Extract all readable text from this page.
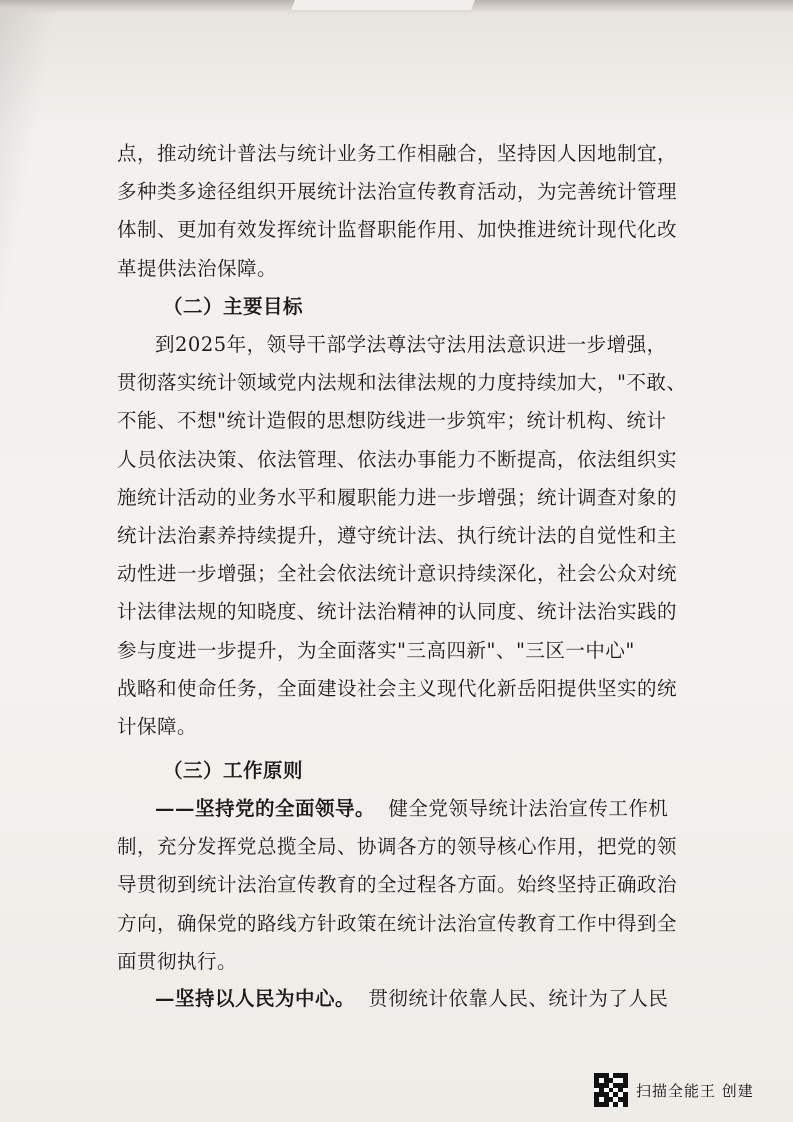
点，推动统计普法与统计业务工作相融合，坚持因人因地制宜，
多种类多途径组织开展统计法治宣传教育活动，为完善统计管理
体制、更加有效发挥统计监督职能作用、加快推进统计现代化改
革提供法治保障。
（二）主要目标
到2025年，领导干部学法尊法守法用法意识进一步增强，
贯彻落实统计领域党内法规和法律法规的力度持续加大，"不敢、
不能、不想"统计造假的思想防线进一步筑牢；统计机构、统计
人员依法决策、依法管理、依法办事能力不断提高，依法组织实
施统计活动的业务水平和履职能力进一步增强；统计调查对象的
统计法治素养持续提升，遵守统计法、执行统计法的自觉性和主
动性进一步增强；全社会依法统计意识持续深化，社会公众对统
计法律法规的知晓度、统计法治精神的认同度、统计法治实践的
参与度进一步提升，为全面落实"三高四新"、"三区一中心"
战略和使命任务，全面建设社会主义现代化新岳阳提供坚实的统
计保障。
（三）工作原则
——坚持党的全面领导。 健全党领导统计法治宣传工作机
制，充分发挥党总揽全局、协调各方的领导核心作用，把党的领
导贯彻到统计法治宣传教育的全过程各方面。始终坚持正确政治
方向，确保党的路线方针政策在统计法治宣传教育工作中得到全
面贯彻执行。
—坚持以人民为中心。 贯彻统计依靠人民、统计为了人民
扫描全能王 创建
